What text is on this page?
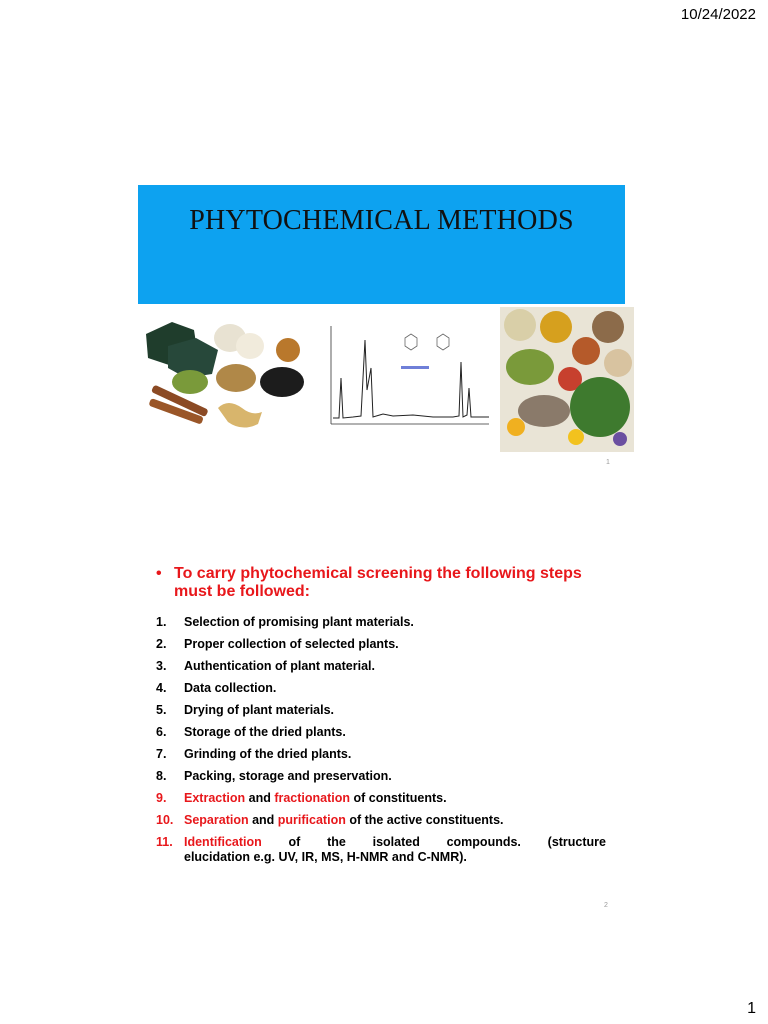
10/24/2022
PHYTOCHEMICAL METHODS
1
• To carry phytochemical screening the following steps must be followed:
1.	Selection of promising plant materials.
2.	Proper collection of selected plants.
3.	Authentication of plant material.
4.	Data collection.
5.	Drying of plant materials.
6.	Storage of the dried plants.
7.	Grinding of the dried plants.
8.	Packing, storage and preservation.
9.	Extraction and fractionation of constituents.
10. Separation and purification of the active constituents.
11. Identification of the isolated compounds. (structure
elucidation e.g. UV, IR, MS, H-NMR and C-NMR).
2
1
